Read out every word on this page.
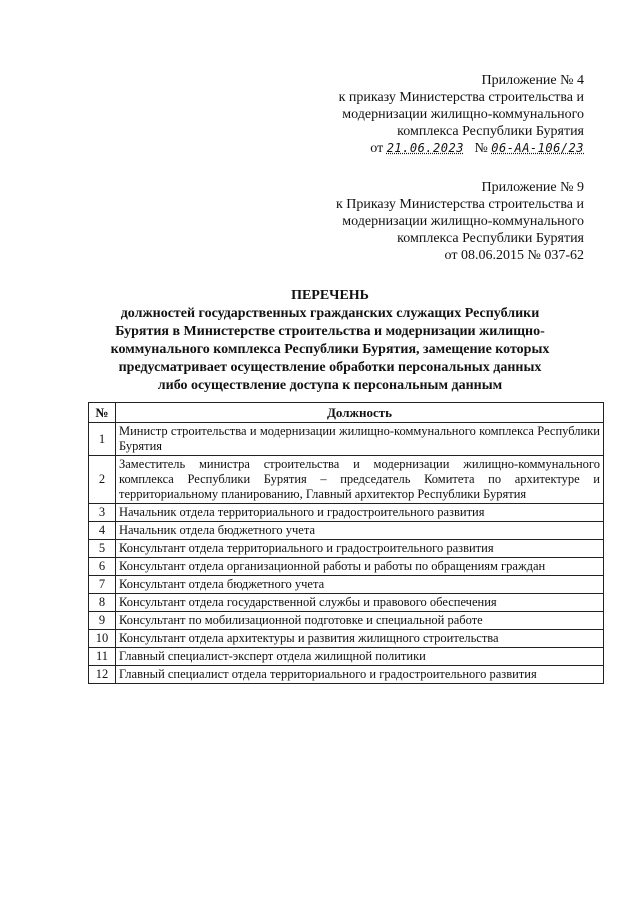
Приложение № 4
к приказу Министерства строительства и
модернизации жилищно-коммунального
комплекса Республики Бурятия
от 21.06.2023 № 06-АА-106/23
Приложение № 9
к Приказу Министерства строительства и
модернизации жилищно-коммунального
комплекса Республики Бурятия
от 08.06.2015 № 037-62
ПЕРЕЧЕНЬ
должностей государственных гражданских служащих Республики
Бурятия в Министерстве строительства и модернизации жилищно-
коммунального комплекса Республики Бурятия, замещение которых
предусматривает осуществление обработки персональных данных
либо осуществление доступа к персональным данным
№	Должность
1	Министр строительства и модернизации жилищно-коммунального комплекса Республики Бурятия
2	Заместитель министра строительства и модернизации жилищно-коммунального комплекса Республики Бурятия – председатель Комитета по архитектуре и территориальному планированию, Главный архитектор Республики Бурятия
3	Начальник отдела территориального и градостроительного развития
4	Начальник отдела бюджетного учета
5	Консультант отдела территориального и градостроительного развития
6	Консультант отдела организационной работы и работы по обращениям граждан
7	Консультант отдела бюджетного учета
8	Консультант отдела государственной службы и правового обеспечения
9	Консультант по мобилизационной подготовке и специальной работе
10	Консультант отдела архитектуры и развития жилищного строительства
11	Главный специалист-эксперт отдела жилищной политики
12	Главный специалист отдела территориального и градостроительного развития
